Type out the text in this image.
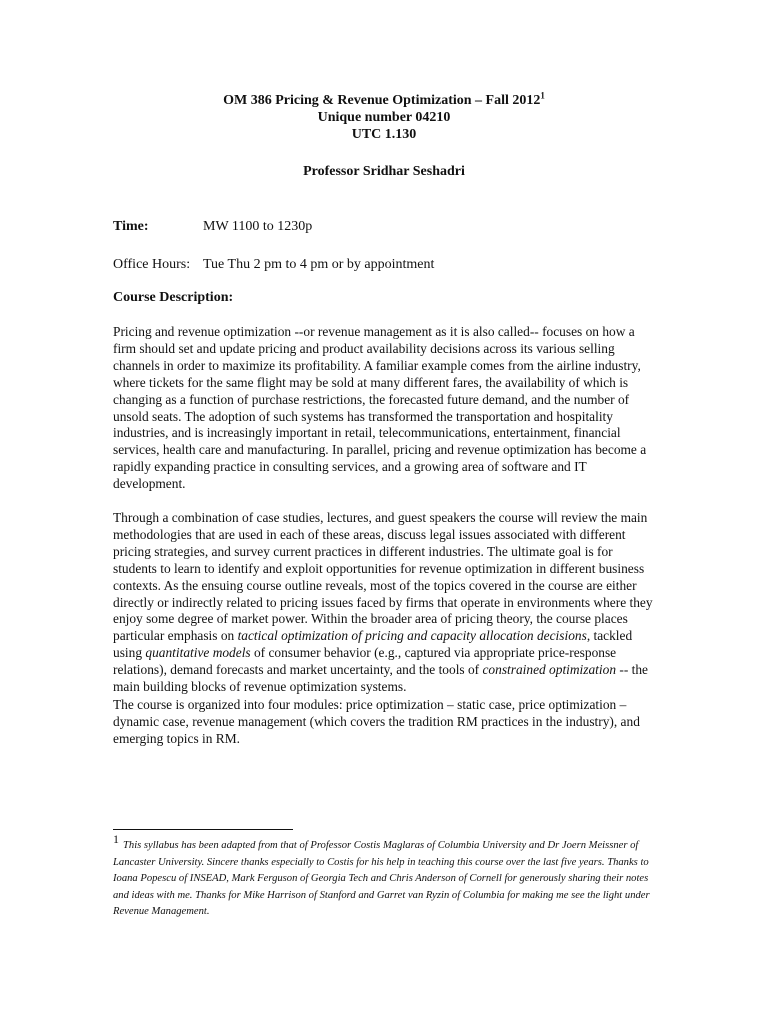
OM 386 Pricing & Revenue Optimization – Fall 2012$^1$
Unique number 04210
UTC 1.130
Professor Sridhar Seshadri
Time:	MW 1100 to 1230p
Office Hours: Tue Thu 2 pm to 4 pm or by appointment
Course Description:
Pricing and revenue optimization --or revenue management as it is also called-- focuses on how a firm should set and update pricing and product availability decisions across its various selling channels in order to maximize its profitability. A familiar example comes from the airline industry, where tickets for the same flight may be sold at many different fares, the availability of which is changing as a function of purchase restrictions, the forecasted future demand, and the number of unsold seats. The adoption of such systems has transformed the transportation and hospitality industries, and is increasingly important in retail, telecommunications, entertainment, financial services, health care and manufacturing. In parallel, pricing and revenue optimization has become a rapidly expanding practice in consulting services, and a growing area of software and IT development.
Through a combination of case studies, lectures, and guest speakers the course will review the main methodologies that are used in each of these areas, discuss legal issues associated with different pricing strategies, and survey current practices in different industries. The ultimate goal is for students to learn to identify and exploit opportunities for revenue optimization in different business contexts. As the ensuing course outline reveals, most of the topics covered in the course are either directly or indirectly related to pricing issues faced by firms that operate in environments where they enjoy some degree of market power. Within the broader area of pricing theory, the course places particular emphasis on tactical optimization of pricing and capacity allocation decisions, tackled using quantitative models of consumer behavior (e.g., captured via appropriate price-response relations), demand forecasts and market uncertainty, and the tools of constrained optimization -- the main building blocks of revenue optimization systems.
The course is organized into four modules: price optimization – static case, price optimization – dynamic case, revenue management (which covers the tradition RM practices in the industry), and emerging topics in RM.
1 This syllabus has been adapted from that of Professor Costis Maglaras of Columbia University and Dr Joern Meissner of Lancaster University. Sincere thanks especially to Costis for his help in teaching this course over the last five years. Thanks to Ioana Popescu of INSEAD, Mark Ferguson of Georgia Tech and Chris Anderson of Cornell for generously sharing their notes and ideas with me. Thanks for Mike Harrison of Stanford and Garret van Ryzin of Columbia for making me see the light under Revenue Management.
